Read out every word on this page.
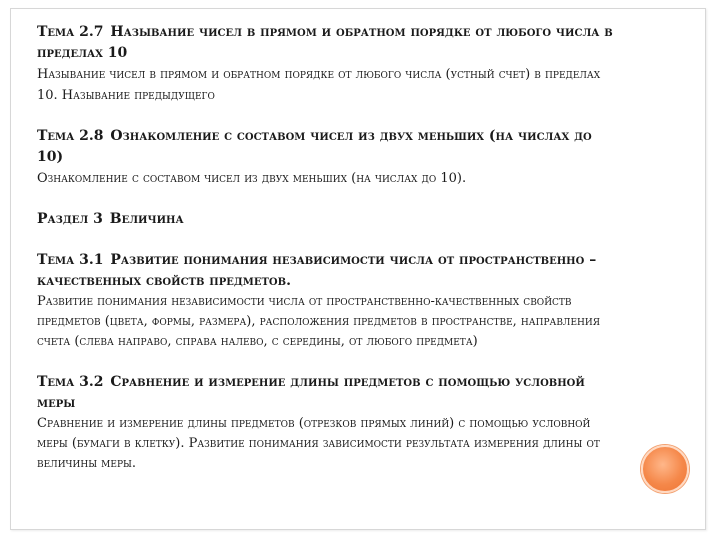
Тема 2.7 Называние чисел в прямом и обратном порядке от любого числа в пределах 10
Называние чисел в прямом и обратном порядке от любого числа (устный счет) в пределах 10. Называние предыдущего
Тема 2.8 Ознакомление с составом чисел из двух меньших (на числах до 10)
Ознакомление с составом чисел из двух меньших (на числах до 10).
Раздел 3 Величина
Тема 3.1 Развитие понимания независимости числа от пространственно – качественных свойств предметов.
Развитие понимания независимости числа от пространственно-качественных свойств предметов (цвета, формы, размера), расположения предметов в пространстве, направления счета (слева направо, справа налево, с середины, от любого предмета)
Тема 3.2 Сравнение и измерение длины предметов с помощью условной меры
Сравнение и измерение длины предметов (отрезков прямых линий) с помощью условной меры (бумаги в клетку). Развитие понимания зависимости результата измерения длины от величины меры.
